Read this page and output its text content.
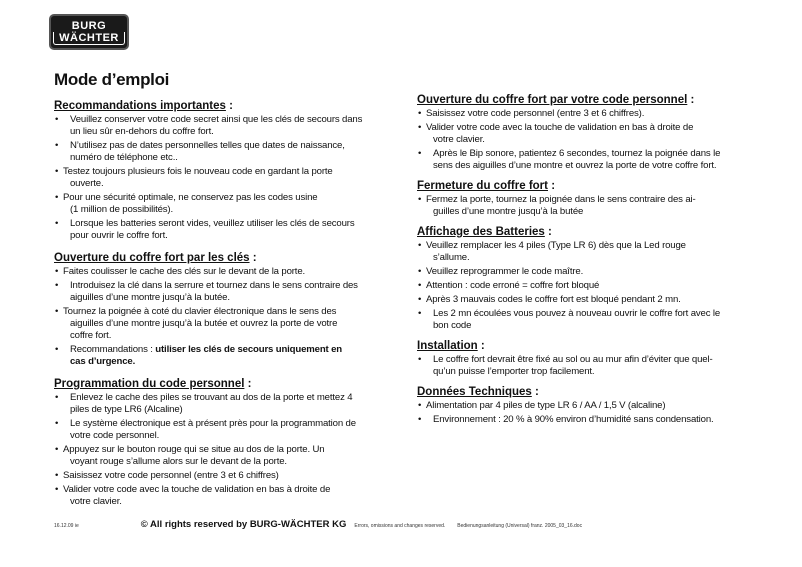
BURG
WÄCHTER
Mode d’emploi
Recommandations importantes :
• Veuillez conserver votre code secret ainsi que les clés de secours dans
un lieu sûr en-dehors du coffre fort.
• N’utilisez pas de dates personnelles telles que dates de naissance,
numéro de téléphone etc..
• Testez toujours plusieurs fois le nouveau code en gardant la porte
ouverte.
• Pour une sécurité optimale, ne conservez pas les codes usine
(1 million de possibilités).
• Lorsque les batteries seront vides, veuillez utiliser les clés de secours
pour ouvrir le coffre fort.
Ouverture du coffre fort par les clés :
• Faites coulisser le cache des clés sur le devant de la porte.
• Introduisez la clé dans la serrure et tournez dans le sens contraire des
aiguilles d’une montre jusqu’à la butée.
• Tournez la poignée à coté du clavier électronique dans le sens des
aiguilles d’une montre jusqu’à la butée et ouvrez la porte de votre
coffre fort.
• Recommandations : utiliser les clés de secours uniquement en
cas d’urgence.
Programmation du code personnel :
• Enlevez le cache des piles se trouvant au dos de la porte et mettez 4
piles de type LR6 (Alcaline)
• Le système électronique est à présent près pour la programmation de
votre code personnel.
• Appuyez sur le bouton rouge qui se situe au dos de la porte. Un
voyant rouge s’allume alors sur le devant de la porte.
• Saisissez votre code personnel (entre 3 et 6 chiffres)
• Valider votre code avec la touche de validation en bas à droite de
votre clavier.
Ouverture du coffre fort par votre code personnel :
• Saisissez votre code personnel (entre 3 et 6 chiffres).
• Valider votre code avec la touche de validation en bas à droite de
votre clavier.
• Après le Bip sonore, patientez 6 secondes, tournez la poignée dans le
sens des aiguilles d’une montre et ouvrez la porte de votre coffre fort.
Fermeture du coffre fort :
• Fermez la porte, tournez la poignée dans le sens contraire des ai-
guilles d’une montre jusqu’à la butée
Affichage des Batteries :
• Veuillez remplacer les 4 piles (Type LR 6) dès que la Led rouge
s’allume.
• Veuillez reprogrammer le code maître.
• Attention : code erroné = coffre fort bloqué
• Après 3 mauvais codes le coffre fort est bloqué pendant 2 mn.
• Les 2 mn écoulées vous pouvez à nouveau ouvrir le coffre fort avec le
bon code
Installation :
• Le coffre fort devrait être fixé au sol ou au mur afin d’éviter que quel-
qu’un puisse l’emporter trop facilement.
Données Techniques :
• Alimentation par 4 piles de type LR 6 / AA / 1,5 V (alcaline)
• Environnement : 20 % à 90% environ d’humidité sans condensation.
16.12.09 ie	© All rights reserved by BURG-WÄCHTER KG Errors, omissions and changes reserved. Bedienungsanleitung (Universal) franz. 2005_03_16.doc
